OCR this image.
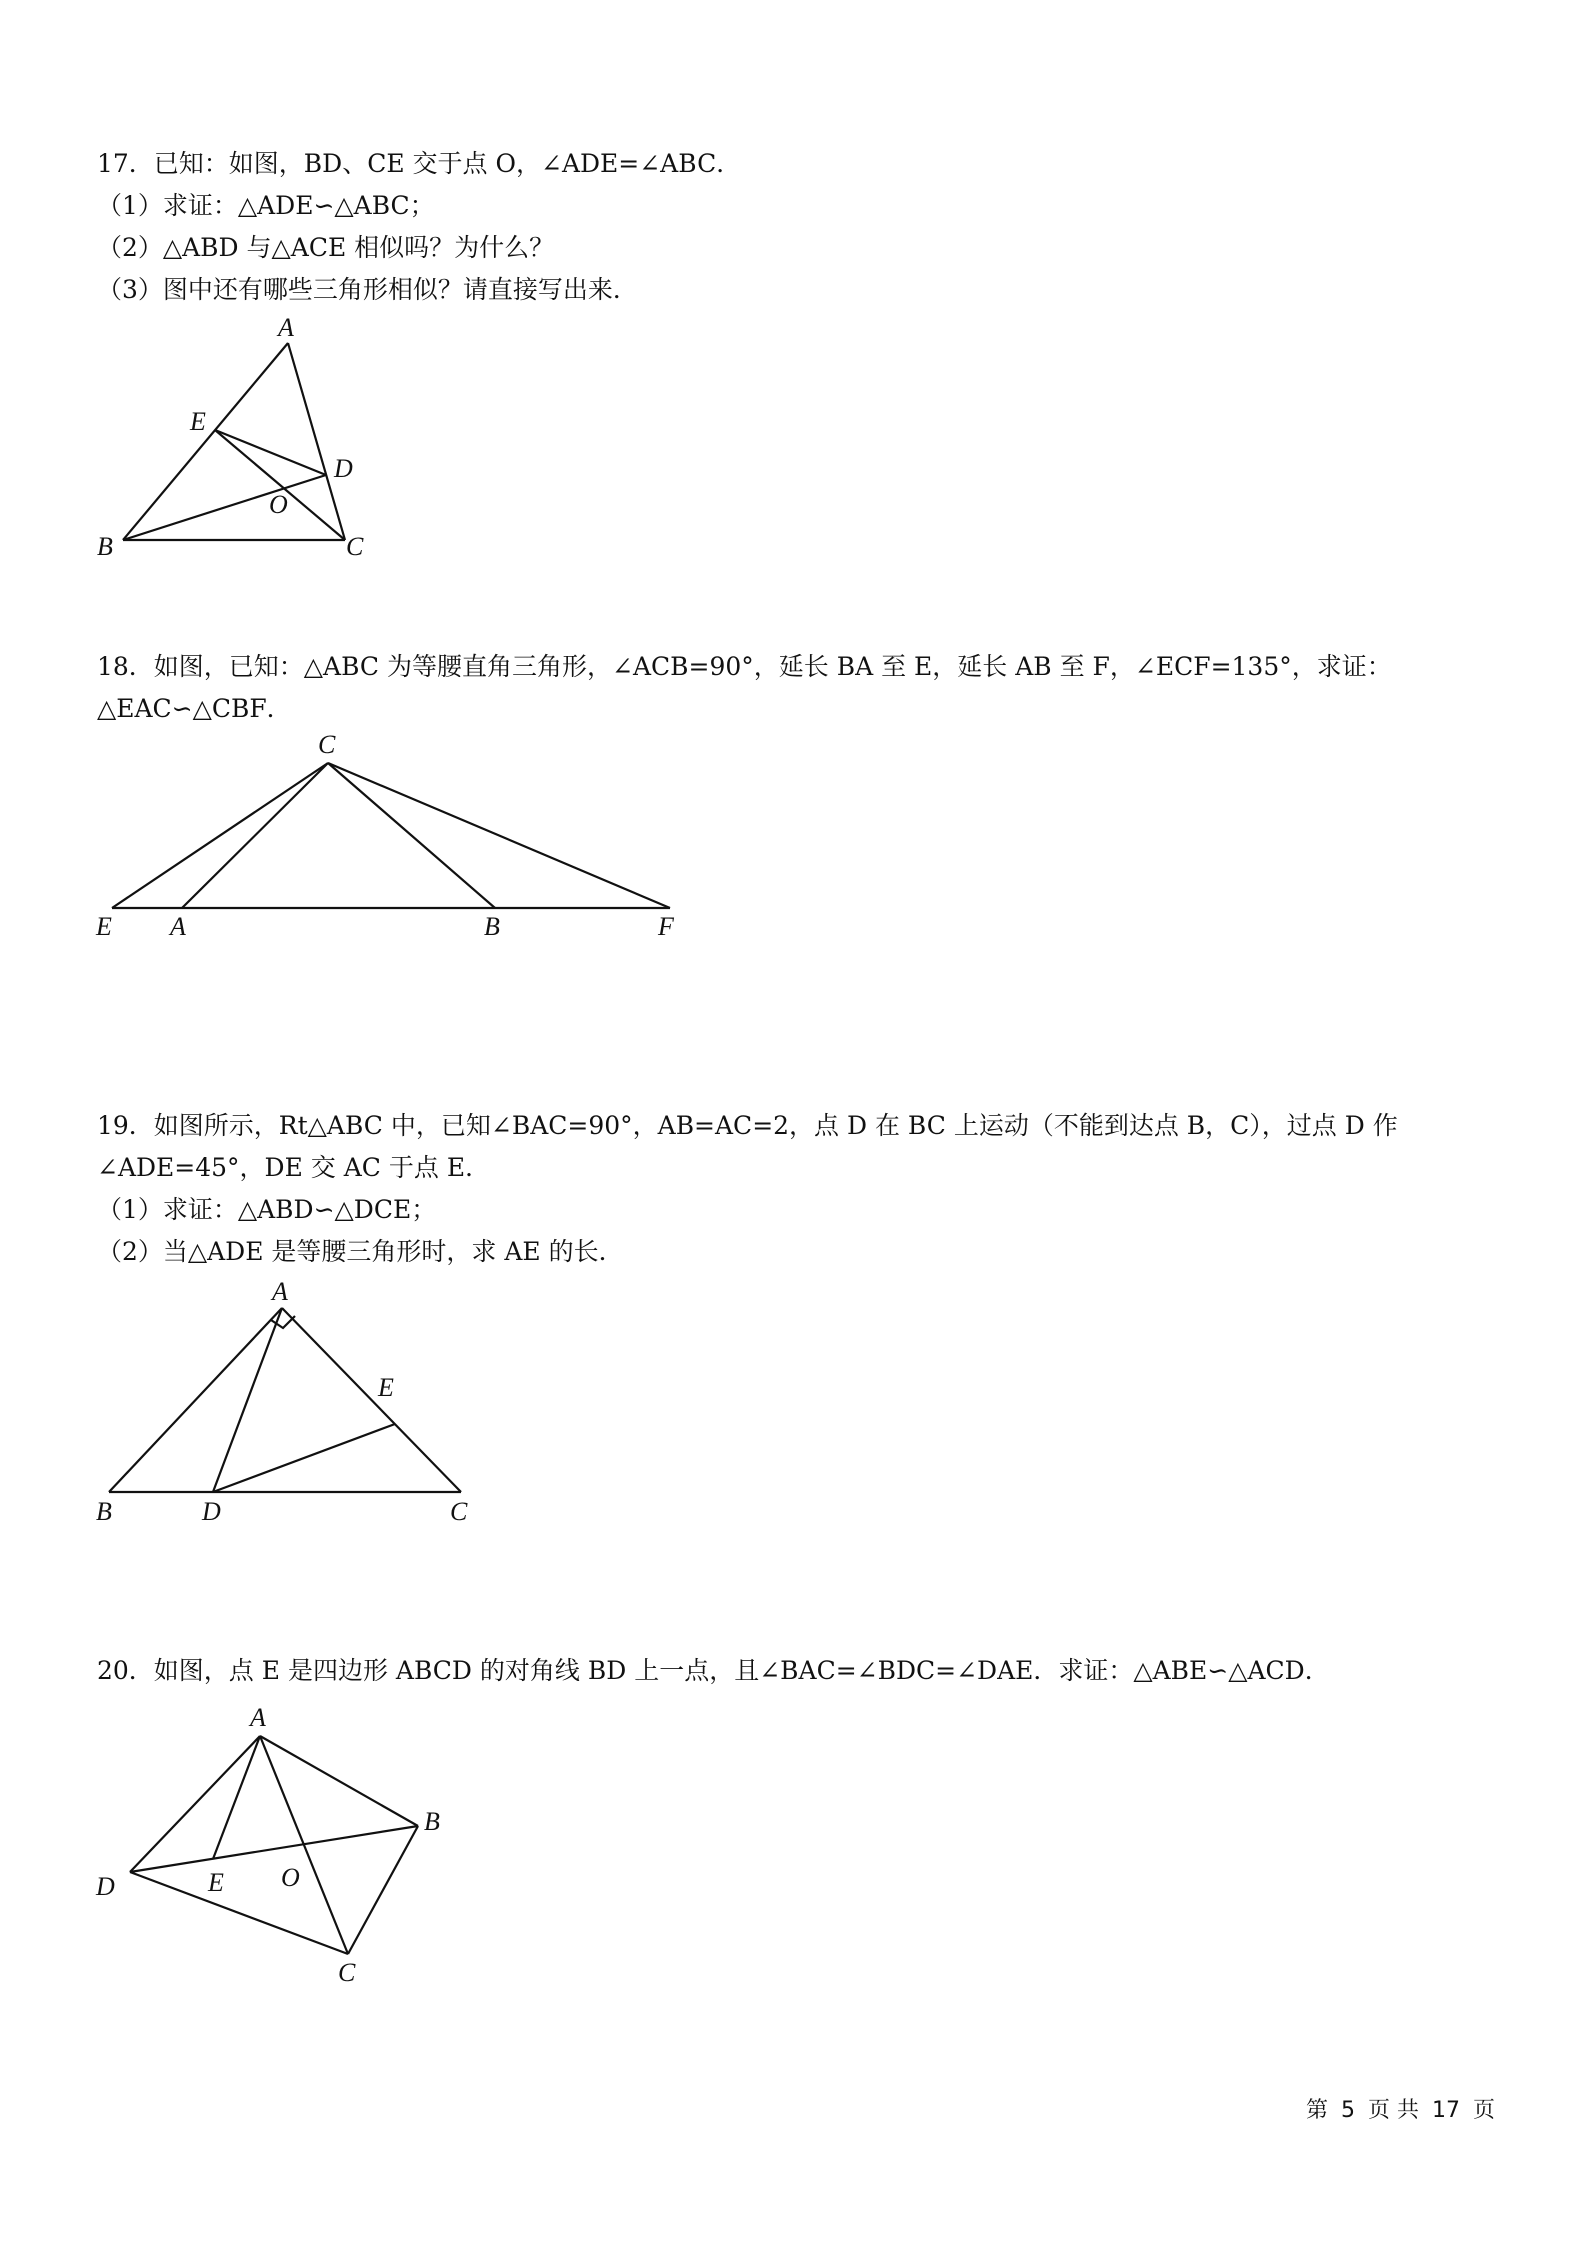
17．已知：如图，BD、CE 交于点 O，∠ADE=∠ABC．
（1）求证：△ADE∽△ABC；
（2）△ABD 与△ACE 相似吗？为什么？
（3）图中还有哪些三角形相似？请直接写出来．
A
E
D
O
B	C
18．如图，已知：△ABC 为等腰直角三角形，∠ACB=90°，延长 BA 至 E，延长 AB 至 F，∠ECF=135°，求证：
△EAC∽△CBF．
C
E A	B	F
19．如图所示，Rt△ABC 中，已知∠BAC=90°，AB=AC=2，点 D 在 BC 上运动（不能到达点 B，C），过点 D 作
∠ADE=45°，DE 交 AC 于点 E．
（1）求证：△ABD∽△DCE；
（2）当△ADE 是等腰三角形时，求 AE 的长．
A
E
B	D	C
20．如图，点 E 是四边形 ABCD 的对角线 BD 上一点，且∠BAC=∠BDC=∠DAE．求证：△ABE∽△ACD．
A
B
D	E O
C
第 5 页 共 17 页
